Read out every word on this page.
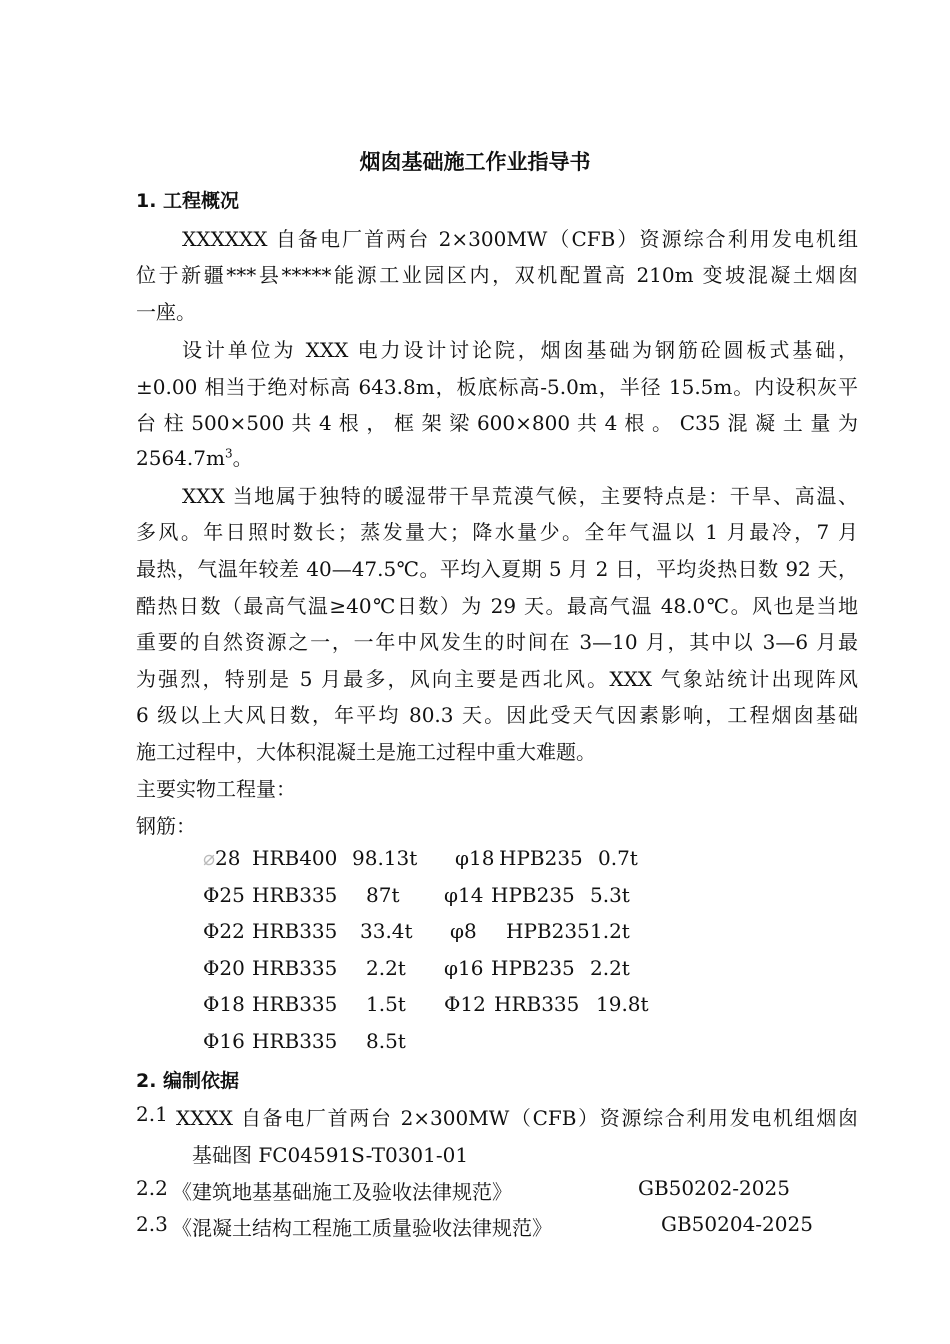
烟囱基础施工作业指导书
1. 工程概况
XXXXXX 自备电厂首两台 2×300MW（CFB）资源综合利用发电机组
位于新疆***县*****能源工业园区内，双机配置高 210m 变坡混凝土烟囱
一座。
设计单位为 XXX 电力设计讨论院，烟囱基础为钢筋砼圆板式基础，
±0.00 相当于绝对标高 643.8m，板底标高-5.0m，半径 15.5m。内设积灰平
台 柱 500×500 共 4 根 ， 框 架 梁 600×800 共 4 根 。 C35 混 凝 土 量 为
$2564.7m^3$。
XXX 当地属于独特的暖湿带干旱荒漠气候，主要特点是：干旱、高温、
多风。年日照时数长；蒸发量大；降水量少。全年气温以 1 月最冷，7 月
最热，气温年较差 40—47.5℃。平均入夏期 5 月 2 日，平均炎热日数 92 天，
酷热日数（最高气温≥40℃日数）为 29 天。最高气温 48.0℃。风也是当地
重要的自然资源之一，一年中风发生的时间在 3—10 月，其中以 3—6 月最
为强烈，特别是 5 月最多，风向主要是西北风。XXX 气象站统计出现阵风
6 级以上大风日数，年平均 80.3 天。因此受天气因素影响，工程烟囱基础
施工过程中，大体积混凝土是施工过程中重大难题。
主要实物工程量：
钢筋：
⌀28 HRB400 98.13t φ18 HPB235 0.7t
Φ25 HRB335 87t φ14 HPB235 5.3t
Φ22 HRB335 33.4t φ8 HPB235 1.2t
Φ20 HRB335 2.2t φ16 HPB235 2.2t
Φ18 HRB335 1.5t Φ12 HRB335 19.8t
Φ16 HRB335 8.5t
2. 编制依据
2.1 XXXX 自备电厂首两台 2×300MW（CFB）资源综合利用发电机组烟囱
基础图 FC04591S-T0301-01
2.2 《建筑地基基础施工及验收法律规范》	GB50202-2025
2.3 《混凝土结构工程施工质量验收法律规范》	GB50204-2025
